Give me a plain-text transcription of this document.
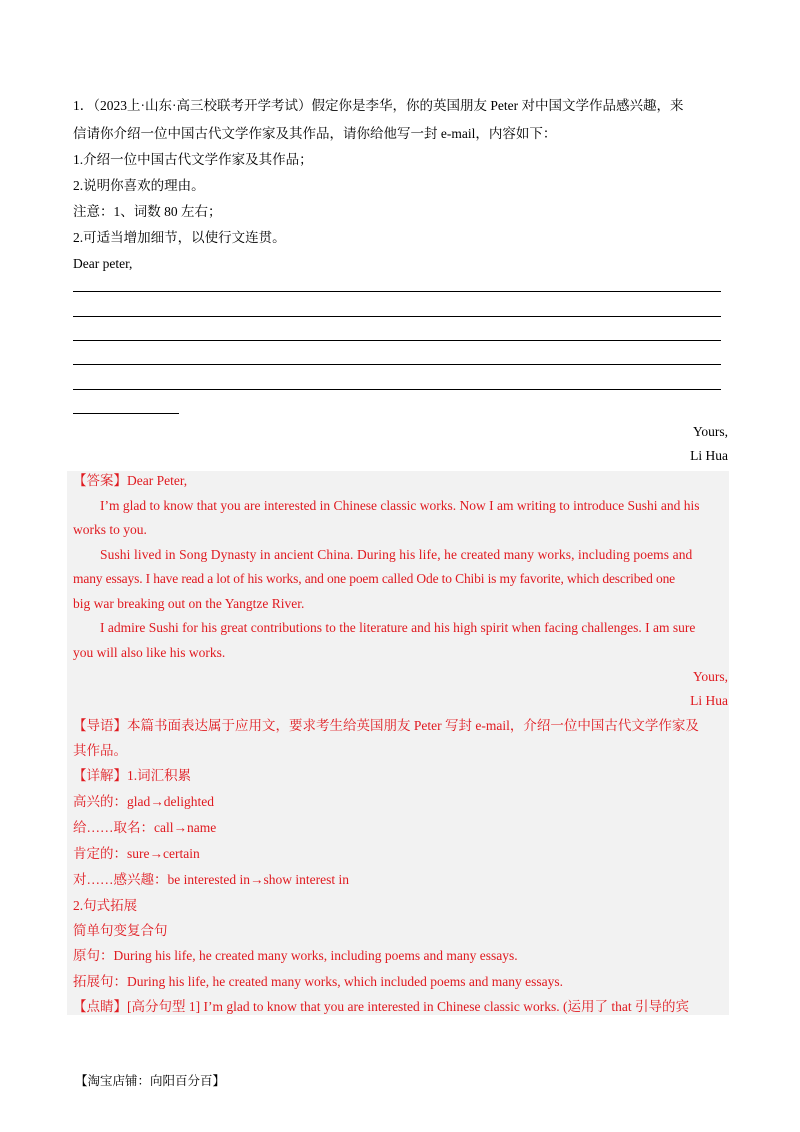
1．（2023上·山东·高三校联考开学考试）假定你是李华，你的英国朋友 Peter 对中国文学作品感兴趣，来
信请你介绍一位中国古代文学作家及其作品，请你给他写一封 e-mail，内容如下：
1.介绍一位中国古代文学作家及其作品；
2.说明你喜欢的理由。
注意：1、词数 80 左右；
2.可适当增加细节，以使行文连贯。
Dear peter,
Yours,
Li Hua
【答案】Dear Peter,
I’m glad to know that you are interested in Chinese classic works. Now I am writing to introduce Sushi and his
works to you.
Sushi lived in Song Dynasty in ancient China. During his life, he created many works, including poems and
many essays. I have read a lot of his works, and one poem called Ode to Chibi is my favorite, which described one
big war breaking out on the Yangtze River.
I admire Sushi for his great contributions to the literature and his high spirit when facing challenges. I am sure
you will also like his works.
Yours,
Li Hua
【导语】本篇书面表达属于应用文，要求考生给英国朋友 Peter 写封 e-mail，介绍一位中国古代文学作家及
其作品。
【详解】1.词汇积累
高兴的：glad→delighted
给……取名：call→name
肯定的：sure→certain
对……感兴趣：be interested in→show interest in
2.句式拓展
简单句变复合句
原句：During his life, he created many works, including poems and many essays.
拓展句：During his life, he created many works, which included poems and many essays.
【点睛】[高分句型 1] I’m glad to know that you are interested in Chinese classic works. (运用了 that 引导的宾
【淘宝店铺：向阳百分百】
